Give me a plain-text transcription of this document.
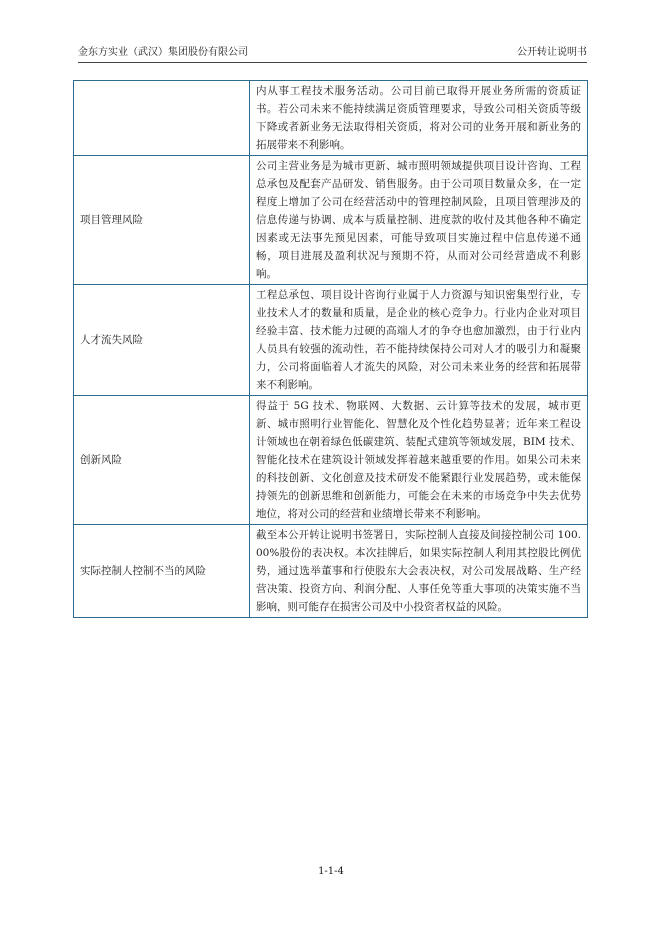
金东方实业（武汉）集团股份有限公司	公开转让说明书
	内从事工程技术服务活动。公司目前已取得开展业务所需的资质证书。若公司未来不能持续满足资质管理要求，导致公司相关资质等级下降或者新业务无法取得相关资质，将对公司的业务开展和新业务的拓展带来不利影响。
项目管理风险	公司主营业务是为城市更新、城市照明领域提供项目设计咨询、工程总承包及配套产品研发、销售服务。由于公司项目数量众多，在一定程度上增加了公司在经营活动中的管理控制风险，且项目管理涉及的信息传递与协调、成本与质量控制、进度款的收付及其他各种不确定因素或无法事先预见因素，可能导致项目实施过程中信息传递不通畅，项目进展及盈利状况与预期不符，从而对公司经营造成不利影响。
人才流失风险	工程总承包、项目设计咨询行业属于人力资源与知识密集型行业，专业技术人才的数量和质量，是企业的核心竞争力。行业内企业对项目经验丰富、技术能力过硬的高端人才的争夺也愈加激烈，由于行业内人员具有较强的流动性，若不能持续保持公司对人才的吸引力和凝聚力，公司将面临着人才流失的风险，对公司未来业务的经营和拓展带来不利影响。
创新风险	得益于 5G 技术、物联网、大数据、云计算等技术的发展，城市更新、城市照明行业智能化、智慧化及个性化趋势显著；近年来工程设计领域也在朝着绿色低碳建筑、装配式建筑等领域发展，BIM 技术、智能化技术在建筑设计领域发挥着越来越重要的作用。如果公司未来的科技创新、文化创意及技术研发不能紧跟行业发展趋势，或未能保持领先的创新思维和创新能力，可能会在未来的市场竞争中失去优势地位，将对公司的经营和业绩增长带来不利影响。
实际控制人控制不当的风险	截至本公开转让说明书签署日，实际控制人直接及间接控制公司 100.00%股份的表决权。本次挂牌后，如果实际控制人利用其控股比例优势，通过选举董事和行使股东大会表决权，对公司发展战略、生产经营决策、投资方向、利润分配、人事任免等重大事项的决策实施不当影响，则可能存在损害公司及中小投资者权益的风险。
1-1-4
